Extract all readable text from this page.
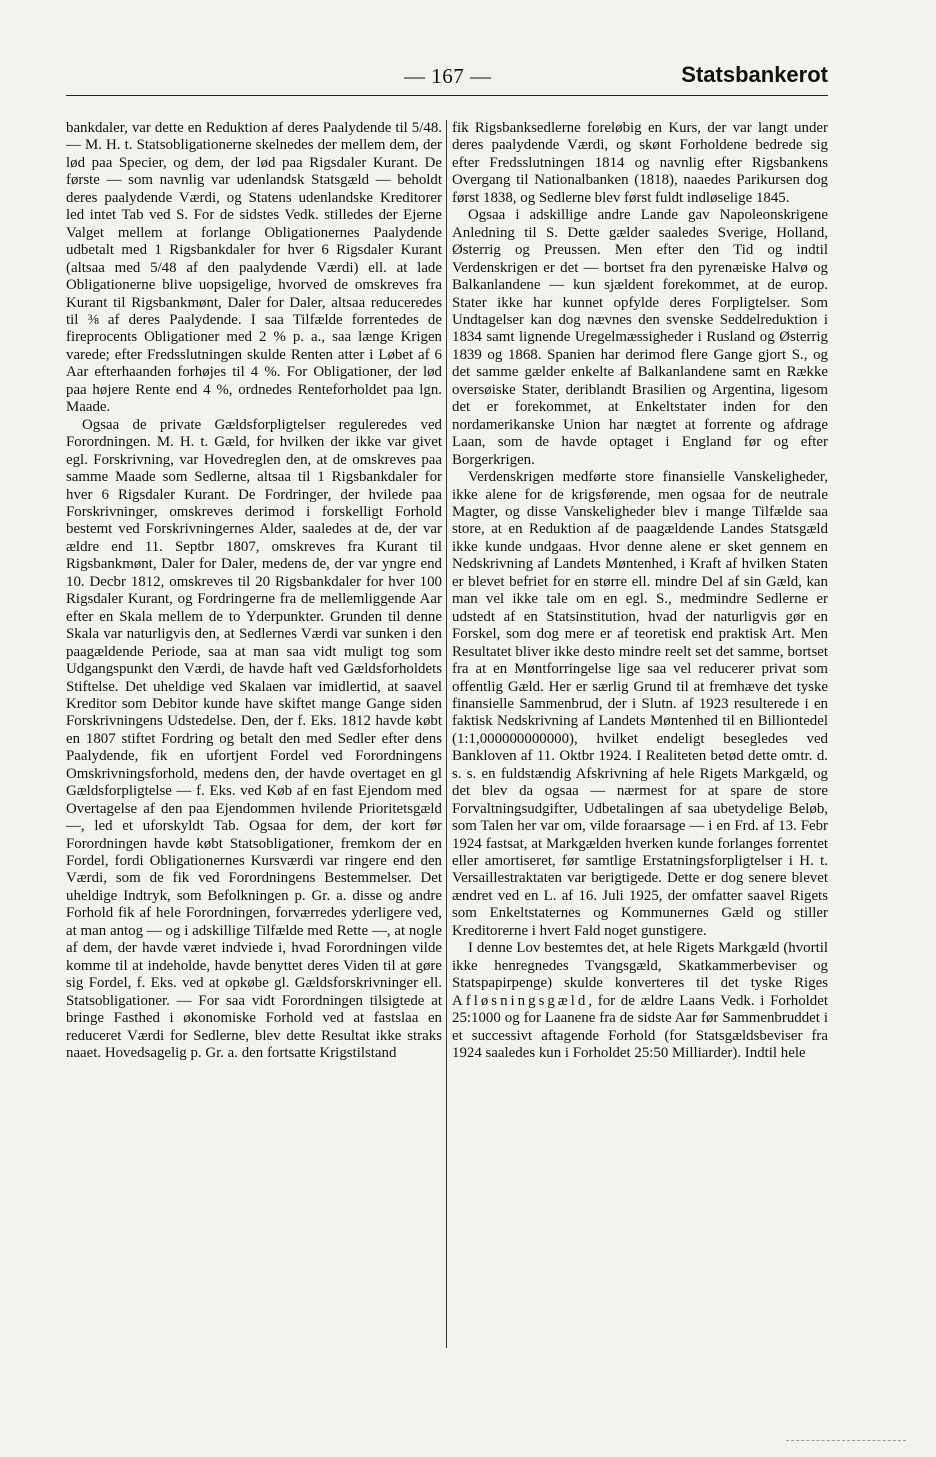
— 167 —	Statsbankerot

bankdaler, var dette en Reduktion af deres Paalydende til 5/48. — M. H. t. Statsobligationerne skelnedes der mellem dem, der lød paa Specier, og dem, der lød paa Rigsdaler Kurant. De første — som navnlig var udenlandsk Statsgæld — beholdt deres paalydende Værdi, og Statens udenlandske Kreditorer led intet Tab ved S. For de sidstes Vedk. stilledes der Ejerne Valget mellem at forlange Obligationernes Paalydende udbetalt med 1 Rigsbankdaler for hver 6 Rigsdaler Kurant (altsaa med 5/48 af den paalydende Værdi) ell. at lade Obligationerne blive uopsigelige, hvorved de omskreves fra Kurant til Rigsbankmønt, Daler for Daler, altsaa reduceredes til ⅜ af deres Paalydende. I saa Tilfælde forrentedes de fireprocents Obligationer med 2 % p. a., saa længe Krigen varede; efter Fredsslutningen skulde Renten atter i Løbet af 6 Aar efterhaanden forhøjes til 4 %. For Obligationer, der lød paa højere Rente end 4 %, ordnedes Renteforholdet paa lgn. Maade.

Ogsaa de private Gældsforpligtelser reguleredes ved Forordningen. M. H. t. Gæld, for hvilken der ikke var givet egl. Forskrivning, var Hovedreglen den, at de omskreves paa samme Maade som Sedlerne, altsaa til 1 Rigsbankdaler for hver 6 Rigsdaler Kurant. De Fordringer, der hvilede paa Forskrivninger, omskreves derimod i forskelligt Forhold bestemt ved Forskrivningernes Alder, saaledes at de, der var ældre end 11. Septbr 1807, omskreves fra Kurant til Rigsbankmønt, Daler for Daler, medens de, der var yngre end 10. Decbr 1812, omskreves til 20 Rigsbankdaler for hver 100 Rigsdaler Kurant, og Fordringerne fra de mellemliggende Aar efter en Skala mellem de to Yderpunkter. Grunden til denne Skala var naturligvis den, at Sedlernes Værdi var sunken i den paagældende Periode, saa at man saa vidt muligt tog som Udgangspunkt den Værdi, de havde haft ved Gældsforholdets Stiftelse. Det uheldige ved Skalaen var imidlertid, at saavel Kreditor som Debitor kunde have skiftet mange Gange siden Forskrivningens Udstedelse. Den, der f. Eks. 1812 havde købt en 1807 stiftet Fordring og betalt den med Sedler efter dens Paalydende, fik en ufortjent Fordel ved Forordningens Omskrivningsforhold, medens den, der havde overtaget en gl Gældsforpligtelse — f. Eks. ved Køb af en fast Ejendom med Overtagelse af den paa Ejendommen hvilende Prioritetsgæld —, led et uforskyldt Tab. Ogsaa for dem, der kort før Forordningen havde købt Statsobligationer, fremkom der en Fordel, fordi Obligationernes Kursværdi var ringere end den Værdi, som de fik ved Forordningens Bestemmelser. Det uheldige Indtryk, som Befolkningen p. Gr. a. disse og andre Forhold fik af hele Forordningen, forværredes yderligere ved, at man antog — og i adskillige Tilfælde med Rette —, at nogle af dem, der havde været indviede i, hvad Forordningen vilde komme til at indeholde, havde benyttet deres Viden til at gøre sig Fordel, f. Eks. ved at opkøbe gl. Gældsforskrivninger ell. Statsobligationer. — For saa vidt Forordningen tilsigtede at bringe Fasthed i økonomiske Forhold ved at fastslaa en reduceret Værdi for Sedlerne, blev dette Resultat ikke straks naaet. Hovedsagelig p. Gr. a. den fortsatte Krigstilstand

fik Rigsbanksedlerne foreløbig en Kurs, der var langt under deres paalydende Værdi, og skønt Forholdene bedrede sig efter Fredsslutningen 1814 og navnlig efter Rigsbankens Overgang til Nationalbanken (1818), naaedes Parikursen dog først 1838, og Sedlerne blev først fuldt indløselige 1845.

Ogsaa i adskillige andre Lande gav Napoleonskrigene Anledning til S. Dette gælder saaledes Sverige, Holland, Østerrig og Preussen. Men efter den Tid og indtil Verdenskrigen er det — bortset fra den pyrenæiske Halvø og Balkanlandene — kun sjældent forekommet, at de europ. Stater ikke har kunnet opfylde deres Forpligtelser. Som Undtagelser kan dog nævnes den svenske Seddelreduktion i 1834 samt lignende Uregelmæssigheder i Rusland og Østerrig 1839 og 1868. Spanien har derimod flere Gange gjort S., og det samme gælder enkelte af Balkanlandene samt en Række oversøiske Stater, deriblandt Brasilien og Argentina, ligesom det er forekommet, at Enkeltstater inden for den nordamerikanske Union har nægtet at forrente og afdrage Laan, som de havde optaget i England før og efter Borgerkrigen.

Verdenskrigen medførte store finansielle Vanskeligheder, ikke alene for de krigsførende, men ogsaa for de neutrale Magter, og disse Vanskeligheder blev i mange Tilfælde saa store, at en Reduktion af de paagældende Landes Statsgæld ikke kunde undgaas. Hvor denne alene er sket gennem en Nedskrivning af Landets Møntenhed, i Kraft af hvilken Staten er blevet befriet for en større ell. mindre Del af sin Gæld, kan man vel ikke tale om en egl. S., medmindre Sedlerne er udstedt af en Statsinstitution, hvad der naturligvis gør en Forskel, som dog mere er af teoretisk end praktisk Art. Men Resultatet bliver ikke desto mindre reelt set det samme, bortset fra at en Møntforringelse lige saa vel reducerer privat som offentlig Gæld. Her er særlig Grund til at fremhæve det tyske finansielle Sammenbrud, der i Slutn. af 1923 resulterede i en faktisk Nedskrivning af Landets Møntenhed til en Billiontedel (1:1,000000000000), hvilket endeligt besegledes ved Bankloven af 11. Oktbr 1924. I Realiteten betød dette omtr. d. s. s. en fuldstændig Afskrivning af hele Rigets Markgæld, og det blev da ogsaa — nærmest for at spare de store Forvaltningsudgifter, Udbetalingen af saa ubetydelige Beløb, som Talen her var om, vilde foraarsage — i en Frd. af 13. Febr 1924 fastsat, at Markgælden hverken kunde forlanges forrentet eller amortiseret, før samtlige Erstatningsforpligtelser i H. t. Versaillestraktaten var berigtigede. Dette er dog senere blevet ændret ved en L. af 16. Juli 1925, der omfatter saavel Rigets som Enkeltstaternes og Kommunernes Gæld og stiller Kreditorerne i hvert Fald noget gunstigere.

I denne Lov bestemtes det, at hele Rigets Markgæld (hvortil ikke henregnedes Tvangsgæld, Skatkammerbeviser og Statspapirpenge) skulde konverteres til det tyske Riges Afløsningsgæld, for de ældre Laans Vedk. i Forholdet 25:1000 og for Laanene fra de sidste Aar før Sammenbruddet i et successivt aftagende Forhold (for Statsgældsbeviser fra 1924 saaledes kun i Forholdet 25:50 Milliarder). Indtil hele
